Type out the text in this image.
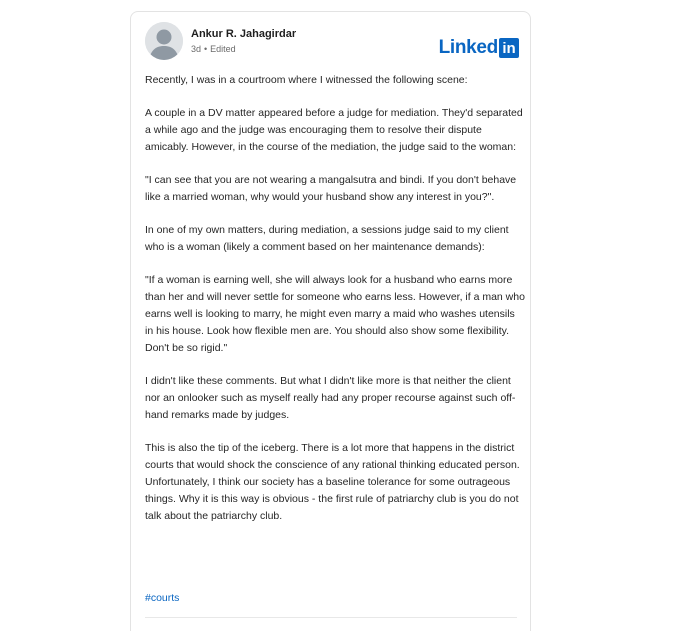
Ankur R. Jahagirdar
3d • Edited	Linked in

Recently, I was in a courtroom where I witnessed the following scene:

A couple in a DV matter appeared before a judge for mediation. They'd separated a while ago and the judge was encouraging them to resolve their dispute amicably. However, in the course of the mediation, the judge said to the woman:

"I can see that you are not wearing a mangalsutra and bindi. If you don't behave like a married woman, why would your husband show any interest in you?".

In one of my own matters, during mediation, a sessions judge said to my client who is a woman (likely a comment based on her maintenance demands):

"If a woman is earning well, she will always look for a husband who earns more than her and will never settle for someone who earns less. However, if a man who earns well is looking to marry, he might even marry a maid who washes utensils in his house. Look how flexible men are. You should also show some flexibility. Don't be so rigid."

I didn't like these comments. But what I didn't like more is that neither the client nor an onlooker such as myself really had any proper recourse against such off-hand remarks made by judges.

This is also the tip of the iceberg. There is a lot more that happens in the district courts that would shock the conscience of any rational thinking educated person. Unfortunately, I think our society has a baseline tolerance for some outrageous things. Why it is this way is obvious - the first rule of patriarchy club is you do not talk about the patriarchy club.

#courts
